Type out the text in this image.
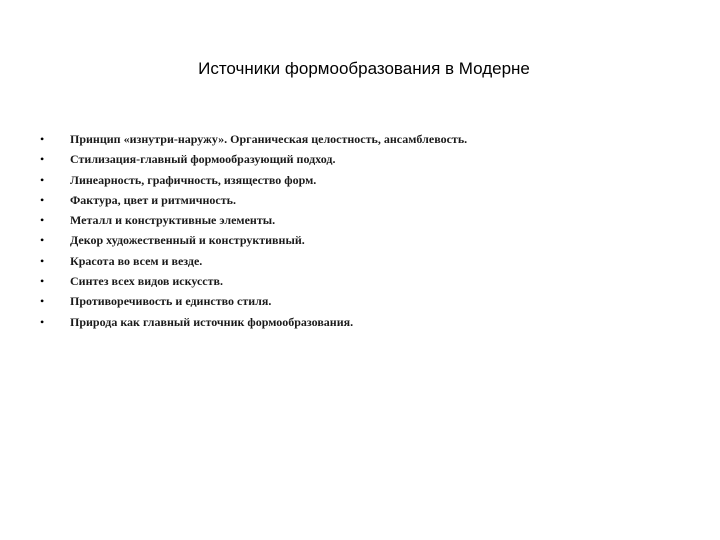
Источники формообразования в Модерне
•	Принцип «изнутри-наружу». Органическая целостность, ансамблевость.
•	Стилизация-главный формообразующий подход.
•	Линеарность, графичность, изящество форм.
•	Фактура, цвет и ритмичность.
•	Металл и конструктивные элементы.
•	Декор художественный и конструктивный.
•	Красота во всем и везде.
•	Синтез всех видов искусств.
•	Противоречивость и единство стиля.
•	Природа как главный источник формообразования.
